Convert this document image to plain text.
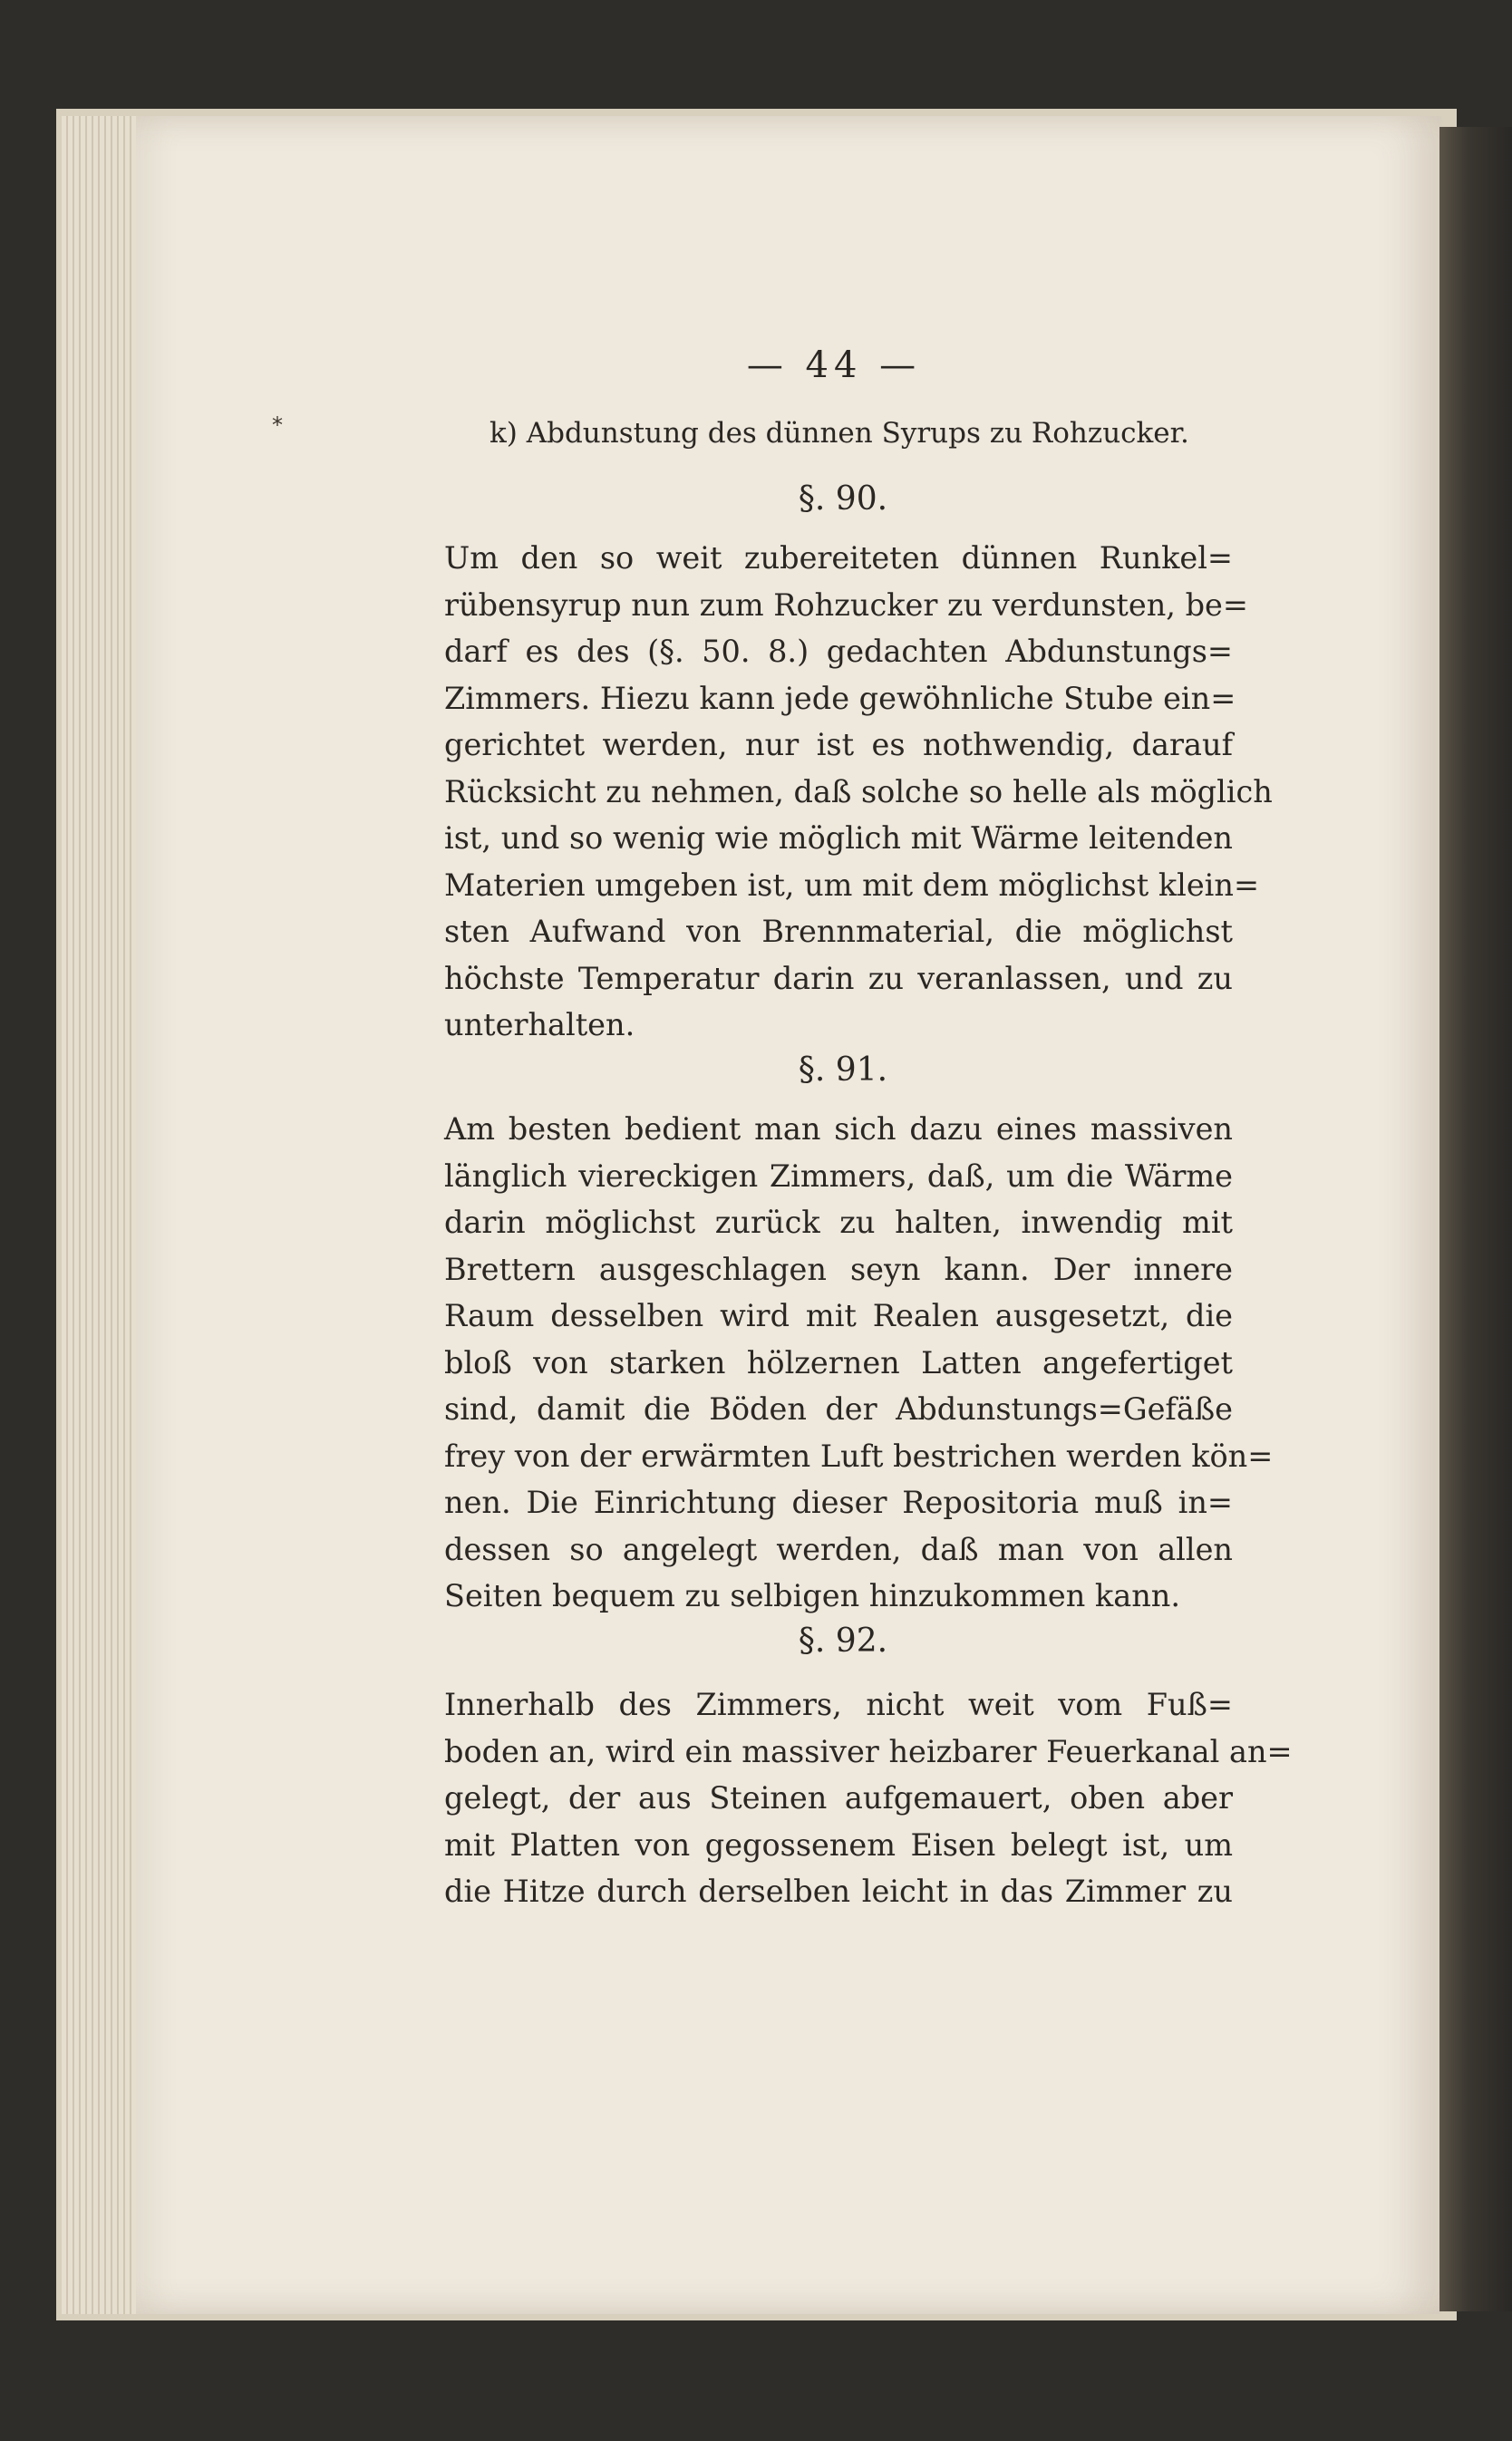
*
— 44 —
k) Abdunstung des dünnen Syrups zu Rohzucker.
§. 90.
Um den so weit zubereiteten dünnen Runkel=
rübensyrup nun zum Rohzucker zu verdunsten, be=
darf es des (§. 50. 8.) gedachten Abdunstungs=
Zimmers. Hiezu kann jede gewöhnliche Stube ein=
gerichtet werden, nur ist es nothwendig, darauf
Rücksicht zu nehmen, daß solche so helle als möglich
ist, und so wenig wie möglich mit Wärme leitenden
Materien umgeben ist, um mit dem möglichst klein=
sten Aufwand von Brennmaterial, die möglichst
höchste Temperatur darin zu veranlassen, und zu
unterhalten.
§. 91.
Am besten bedient man sich dazu eines massiven
länglich viereckigen Zimmers, daß, um die Wärme
darin möglichst zurück zu halten, inwendig mit
Brettern ausgeschlagen seyn kann. Der innere
Raum desselben wird mit Realen ausgesetzt, die
bloß von starken hölzernen Latten angefertiget
sind, damit die Böden der Abdunstungs=Gefäße
frey von der erwärmten Luft bestrichen werden kön=
nen. Die Einrichtung dieser Repositoria muß in=
dessen so angelegt werden, daß man von allen
Seiten bequem zu selbigen hinzukommen kann.
§. 92.
Innerhalb des Zimmers, nicht weit vom Fuß=
boden an, wird ein massiver heizbarer Feuerkanal an=
gelegt, der aus Steinen aufgemauert, oben aber
mit Platten von gegossenem Eisen belegt ist, um
die Hitze durch derselben leicht in das Zimmer zu
